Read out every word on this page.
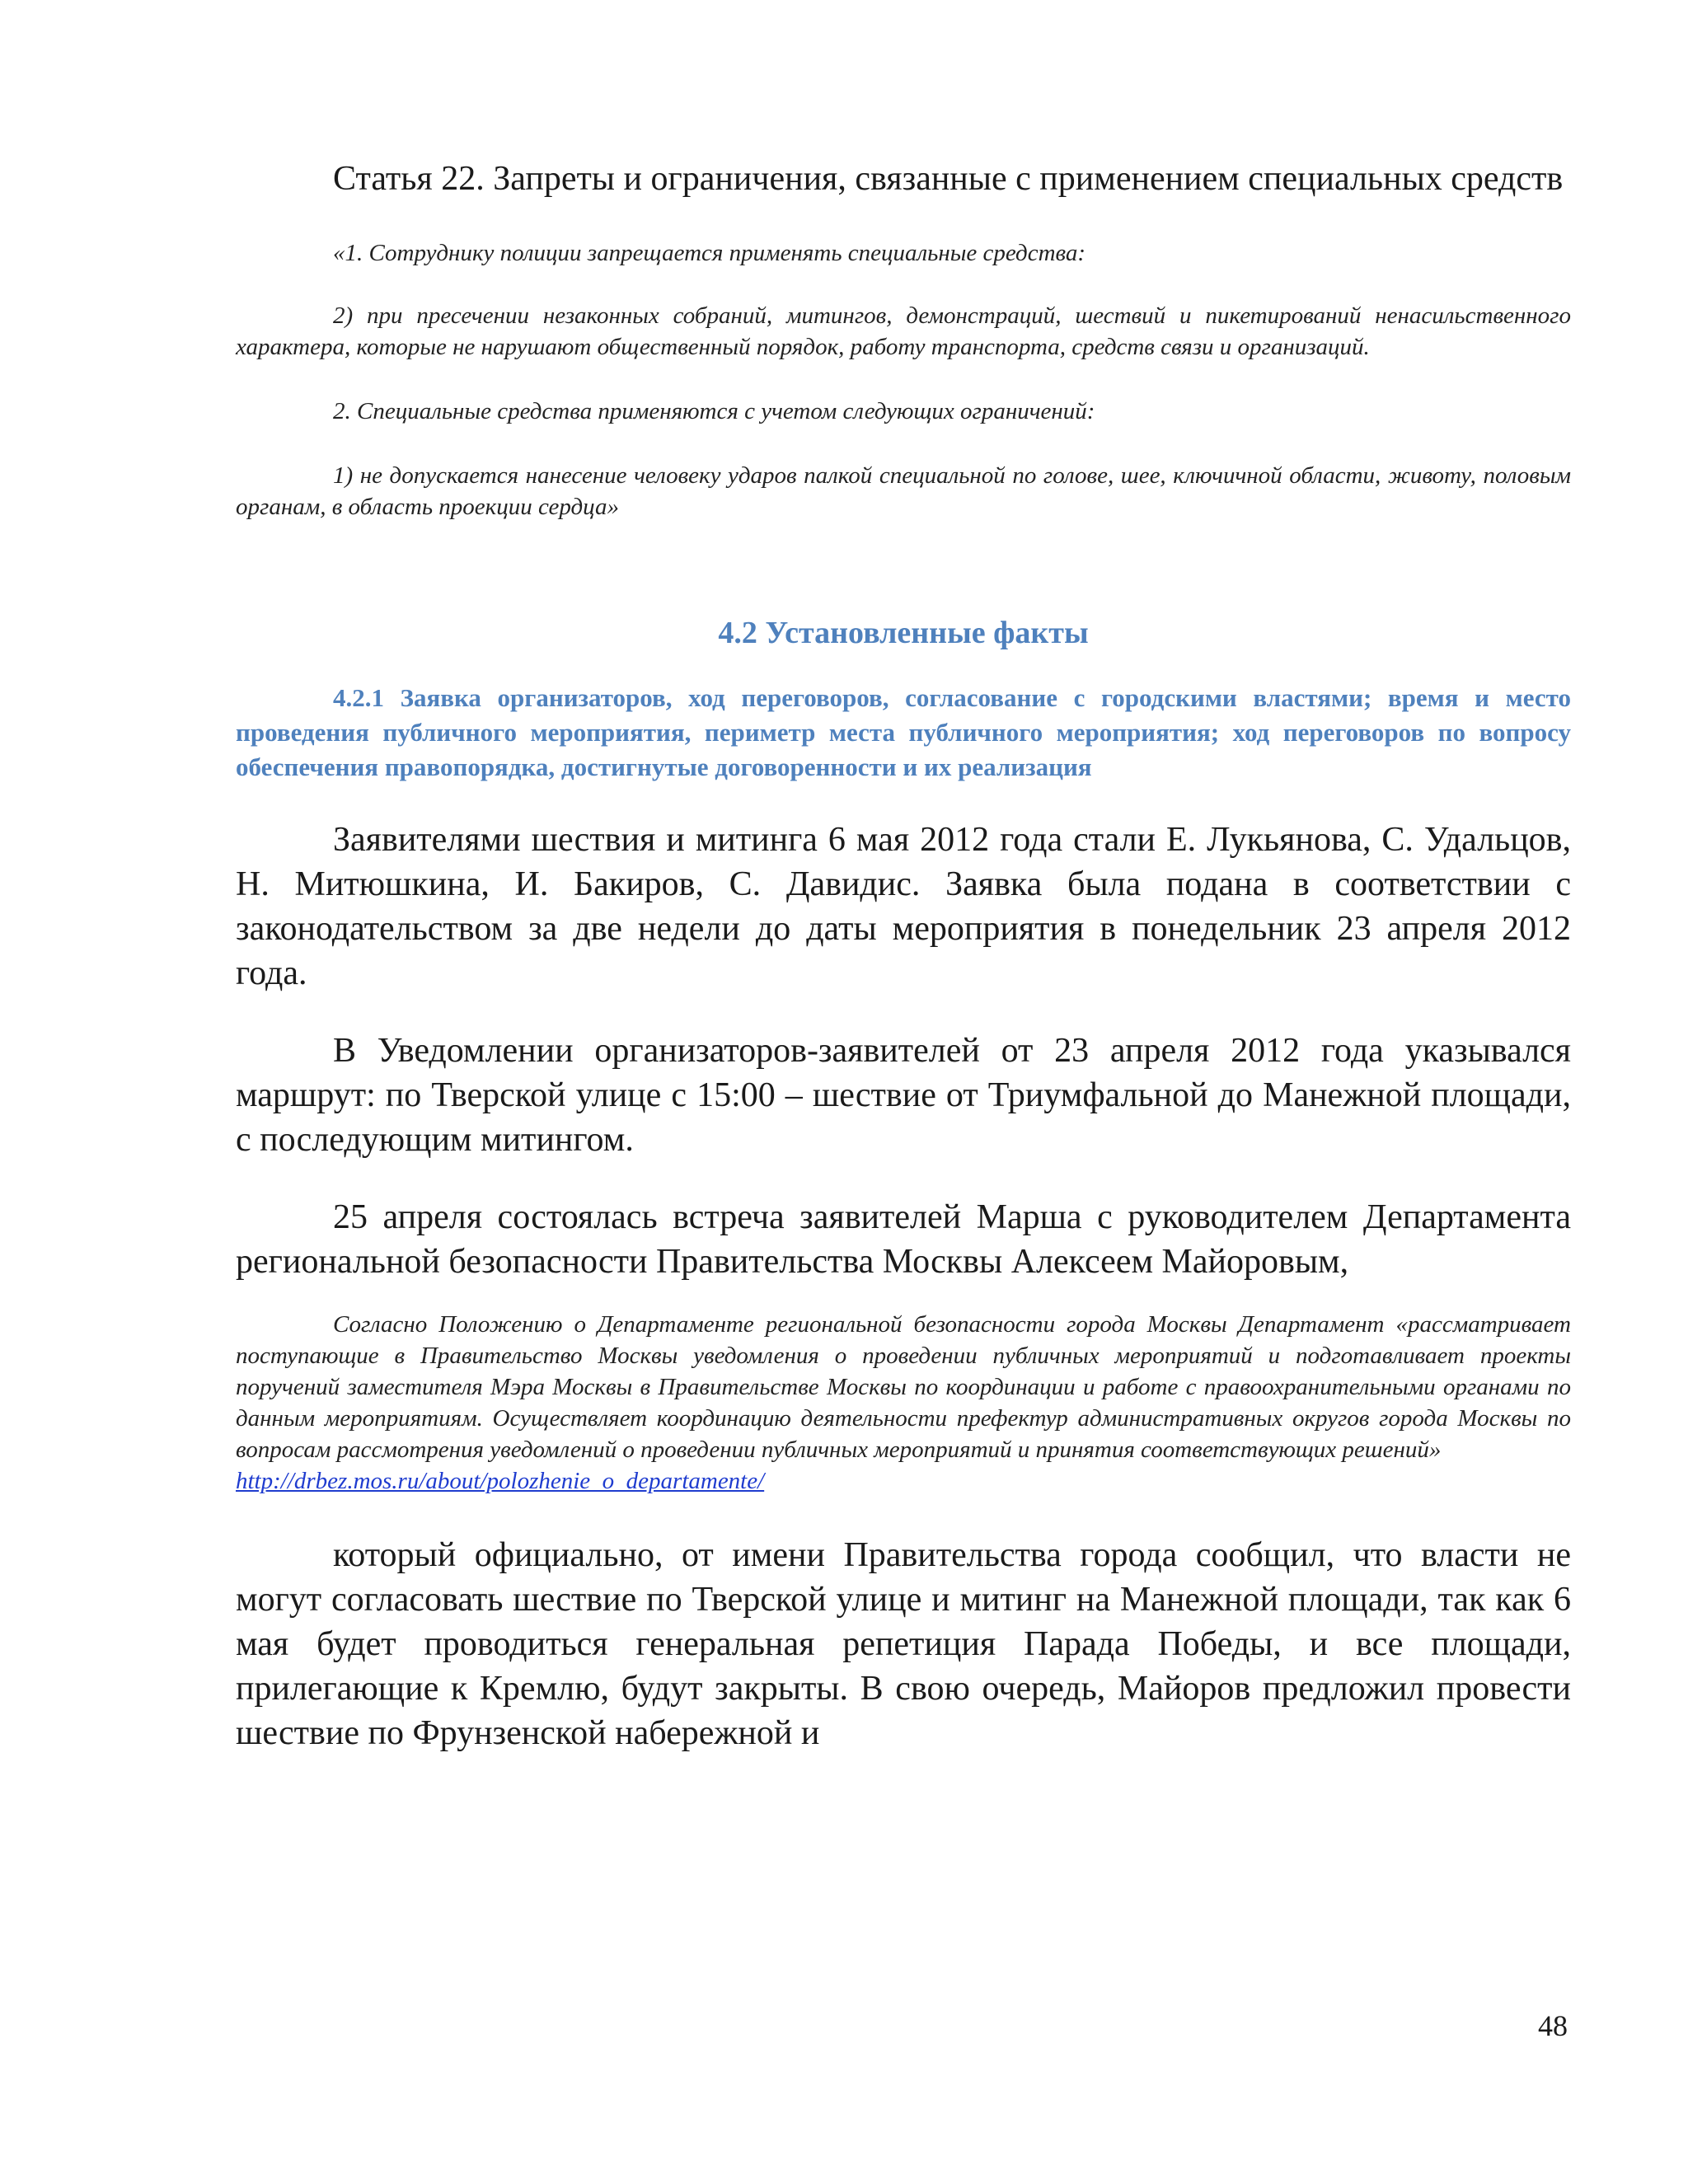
Статья 22. Запреты и ограничения, связанные с применением специальных средств

«1. Сотруднику полиции запрещается применять специальные средства:

2) при пресечении незаконных собраний, митингов, демонстраций, шествий и пикетирований ненасильственного характера, которые не нарушают общественный порядок, работу транспорта, средств связи и организаций.

2. Специальные средства применяются с учетом следующих ограничений:

1) не допускается нанесение человеку ударов палкой специальной по голове, шее, ключичной области, животу, половым органам, в область проекции сердца»

4.2 Установленные факты
4.2.1 Заявка организаторов, ход переговоров, согласование с городскими властями; время и место проведения публичного мероприятия, периметр места публичного мероприятия; ход переговоров по вопросу обеспечения правопорядка, достигнутые договоренности и их реализация

Заявителями шествия и митинга 6 мая 2012 года стали Е. Лукьянова, С. Удальцов, Н. Митюшкина, И. Бакиров, С. Давидис. Заявка была подана в соответствии с законодательством за две недели до даты мероприятия в понедельник 23 апреля 2012 года.

В Уведомлении организаторов-заявителей от 23 апреля 2012 года указывался маршрут: по Тверской улице с 15:00 – шествие от Триумфальной до Манежной площади, с последующим митингом.

25 апреля состоялась встреча заявителей Марша с руководителем Департамента региональной безопасности Правительства Москвы Алексеем Майоровым,

Согласно Положению о Департаменте региональной безопасности города Москвы Департамент «рассматривает поступающие в Правительство Москвы уведомления о проведении публичных мероприятий и подготавливает проекты поручений заместителя Мэра Москвы в Правительстве Москвы по координации и работе с правоохранительными органами по данным мероприятиям. Осуществляет координацию деятельности префектур административных округов города Москвы по вопросам рассмотрения уведомлений о проведении публичных мероприятий и принятия соответствующих решений»
http://drbez.mos.ru/about/polozhenie_o_departamente/

который официально, от имени Правительства города сообщил, что власти не могут согласовать шествие по Тверской улице и митинг на Манежной площади, так как 6 мая будет проводиться генеральная репетиция Парада Победы, и все площади, прилегающие к Кремлю, будут закрыты. В свою очередь, Майоров предложил провести шествие по Фрунзенской набережной и

48
